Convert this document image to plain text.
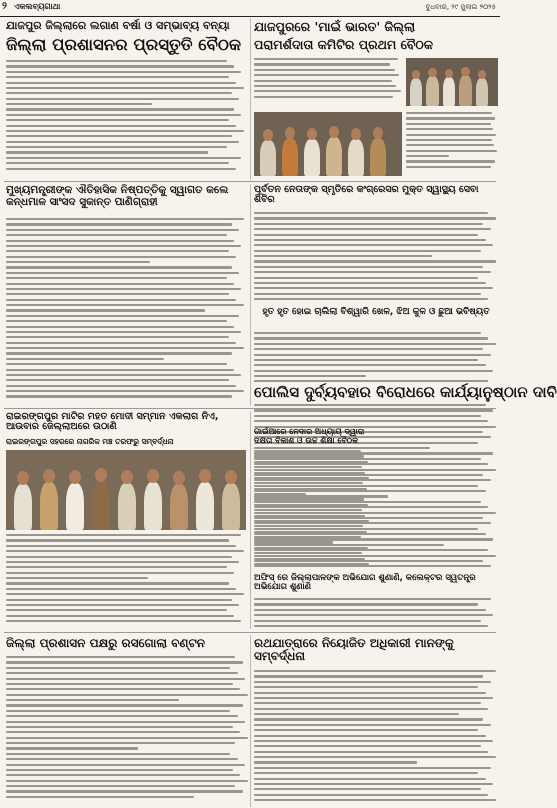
୨ ଏକଲବ୍ୟଗାଥା	ବୁଧବାର, ୨୯ ଜୁଲାଇ ୨୦୨୫
ଯାଜପୁର ଜିଲ୍ଲାରେ ଲଗାଣ ବର୍ଷା ଓ ସମ୍ଭାବ୍ୟ ବନ୍ୟା
ଜିଲ୍ଲା ପ୍ରଶାସନର ପ୍ରସ୍ତୁତି ବୈଠକ
ଯାଜପୁରରେ 'ମାଇଁ ଭାରତ' ଜିଲ୍ଲା
ପରାମର୍ଶଦାତା କମିଟିର ପ୍ରଥମ ବୈଠକ
ମୁଖ୍ୟମନ୍ତ୍ରୀଙ୍କ ଐତିହାସିକ ନିଷ୍ପତ୍ତିକୁ ସ୍ୱାଗତ କଲେ କନ୍ଧମାଳ ସାଂସଦ ସୁକାନ୍ତ ପାଣିଗ୍ରାହୀ
ପୂର୍ବତନ ନେତାଙ୍କ ସ୍ମୃତିରେ କଂଗ୍ରେସର ମୁକ୍ତ ସ୍ୱାସ୍ଥ୍ୟ ସେବା ଶିବିର
ହୃତ ହୃତ ହୋଇ ଚାଲିଲା ବିଶ୍ୱାରି ଖେଳ, ଝିଅ କୁଳ ଓ ଛୁଆ ଭବିଷ୍ୟତ
ରାଇରଙ୍ଗପୁର ମାଟିର ମହତ ମୋଦୀ ସମ୍ମାନ ଏକଲାଗ ନିଏ, ଆଉବାର ଜେଲ୍ଲାଅରେ ଉଠାଣି
ରାଇରଙ୍ଗପୁର ସହରରେ ନାଗରିକ ମଞ୍ଚ ତରଫରୁ ସମ୍ବର୍ଦ୍ଧନା
ପୋଲିସ ଦୁର୍ବ୍ୟବହାର ବିରୋଧରେ କାର୍ଯ୍ୟାନୁଷ୍ଠାନ ଦାବି
ଗାଇଁଆରେ ନେଦାର ଅଧ୍ୟାୟ ଦ୍ୱାରା ଦକ୍ଷତା ବିକାଶ ଓ ଉଚ୍ଚ ଶିକ୍ଷା ବୈଠକ
ଅଫିସ୍ ରେ ଜିଲ୍ଲାପାଳଙ୍କ ଅଭିଯୋଗ ଶୁଣାଣି, କଲେକ୍ଟର ସ୍ୱତନ୍ତ୍ର ଅଭିଯୋଗ ଶୁଣାଣି
ଜିଲ୍ଲା ପ୍ରଶାସନ ପକ୍ଷରୁ ରସଗୋଲା ବଣ୍ଟନ	ରଥଯାତ୍ରାରେ ନିୟୋଜିତ ଅଧିକାରୀ ମାନଙ୍କୁ ସମ୍ବର୍ଦ୍ଧନା
